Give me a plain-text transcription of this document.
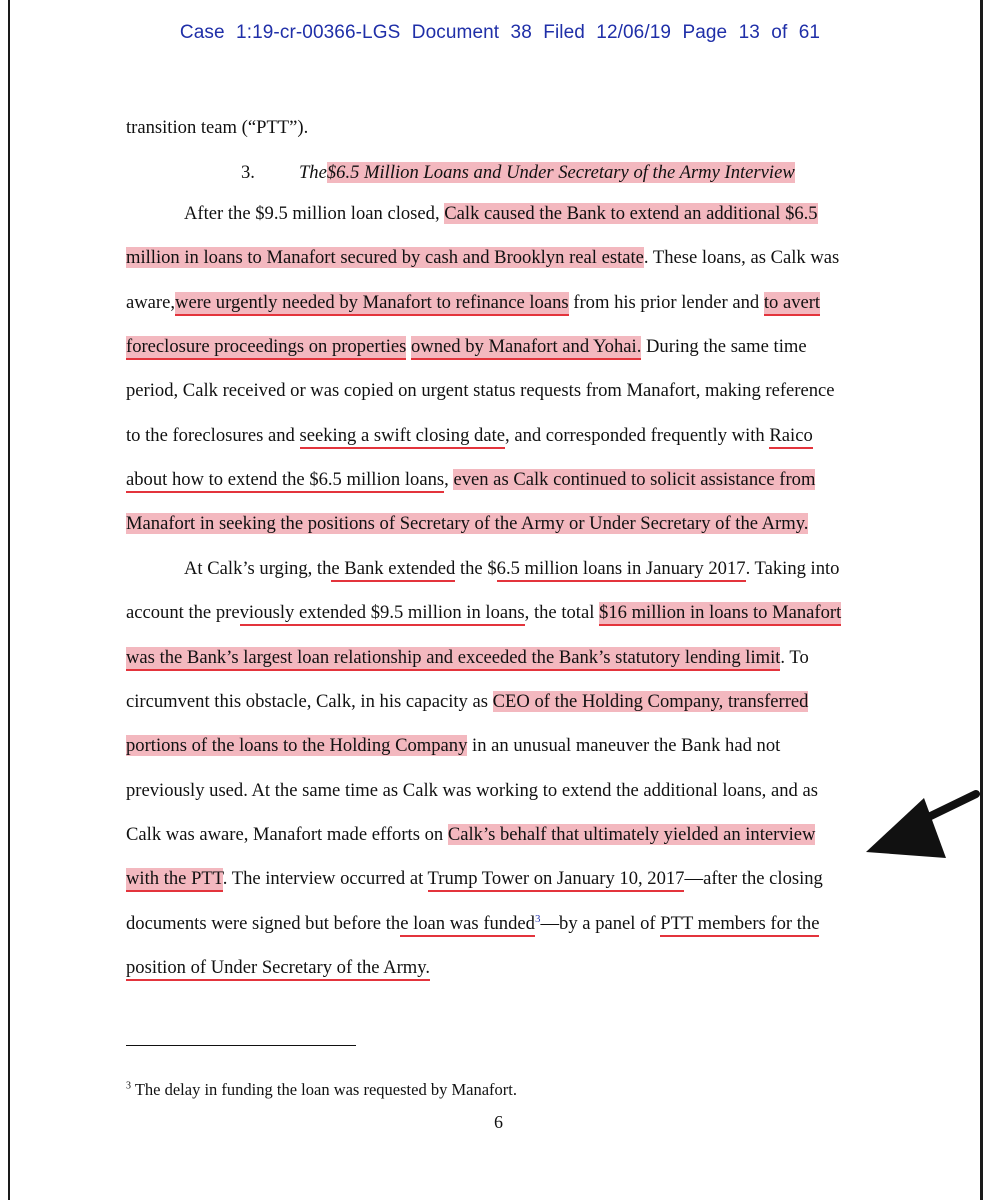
Case 1:19-cr-00366-LGS Document 38 Filed 12/06/19 Page 13 of 61
transition team (“PTT”).
3. The$6.5 Million Loans and Under Secretary of the Army Interview
After the $9.5 million loan closed, Calk caused the Bank to extend an additional $6.5
million in loans to Manafort secured by cash and Brooklyn real estate. These loans, as Calk was
aware,were urgently needed by Manafort to refinance loans from his prior lender and to avert
foreclosure proceedings on properties owned by Manafort and Yohai. During the same time
period, Calk received or was copied on urgent status requests from Manafort, making reference
to the foreclosures and seeking a swift closing date, and corresponded frequently with Raico
about how to extend the $6.5 million loans, even as Calk continued to solicit assistance from
Manafort in seeking the positions of Secretary of the Army or Under Secretary of the Army.
At Calk’s urging, the Bank extended the $6.5 million loans in January 2017. Taking into
account the previously extended $9.5 million in loans, the total $16 million in loans to Manafort
was the Bank’s largest loan relationship and exceeded the Bank’s statutory lending limit. To
circumvent this obstacle, Calk, in his capacity as CEO of the Holding Company, transferred
portions of the loans to the Holding Company in an unusual maneuver the Bank had not
previously used. At the same time as Calk was working to extend the additional loans, and as
Calk was aware, Manafort made efforts on Calk’s behalf that ultimately yielded an interview
with the PTT. The interview occurred at Trump Tower on January 10, 2017—after the closing
documents were signed but before the loan was funded$^3$—by a panel of PTT members for the
position of Under Secretary of the Army.
$^3$ The delay in funding the loan was requested by Manafort.
6
